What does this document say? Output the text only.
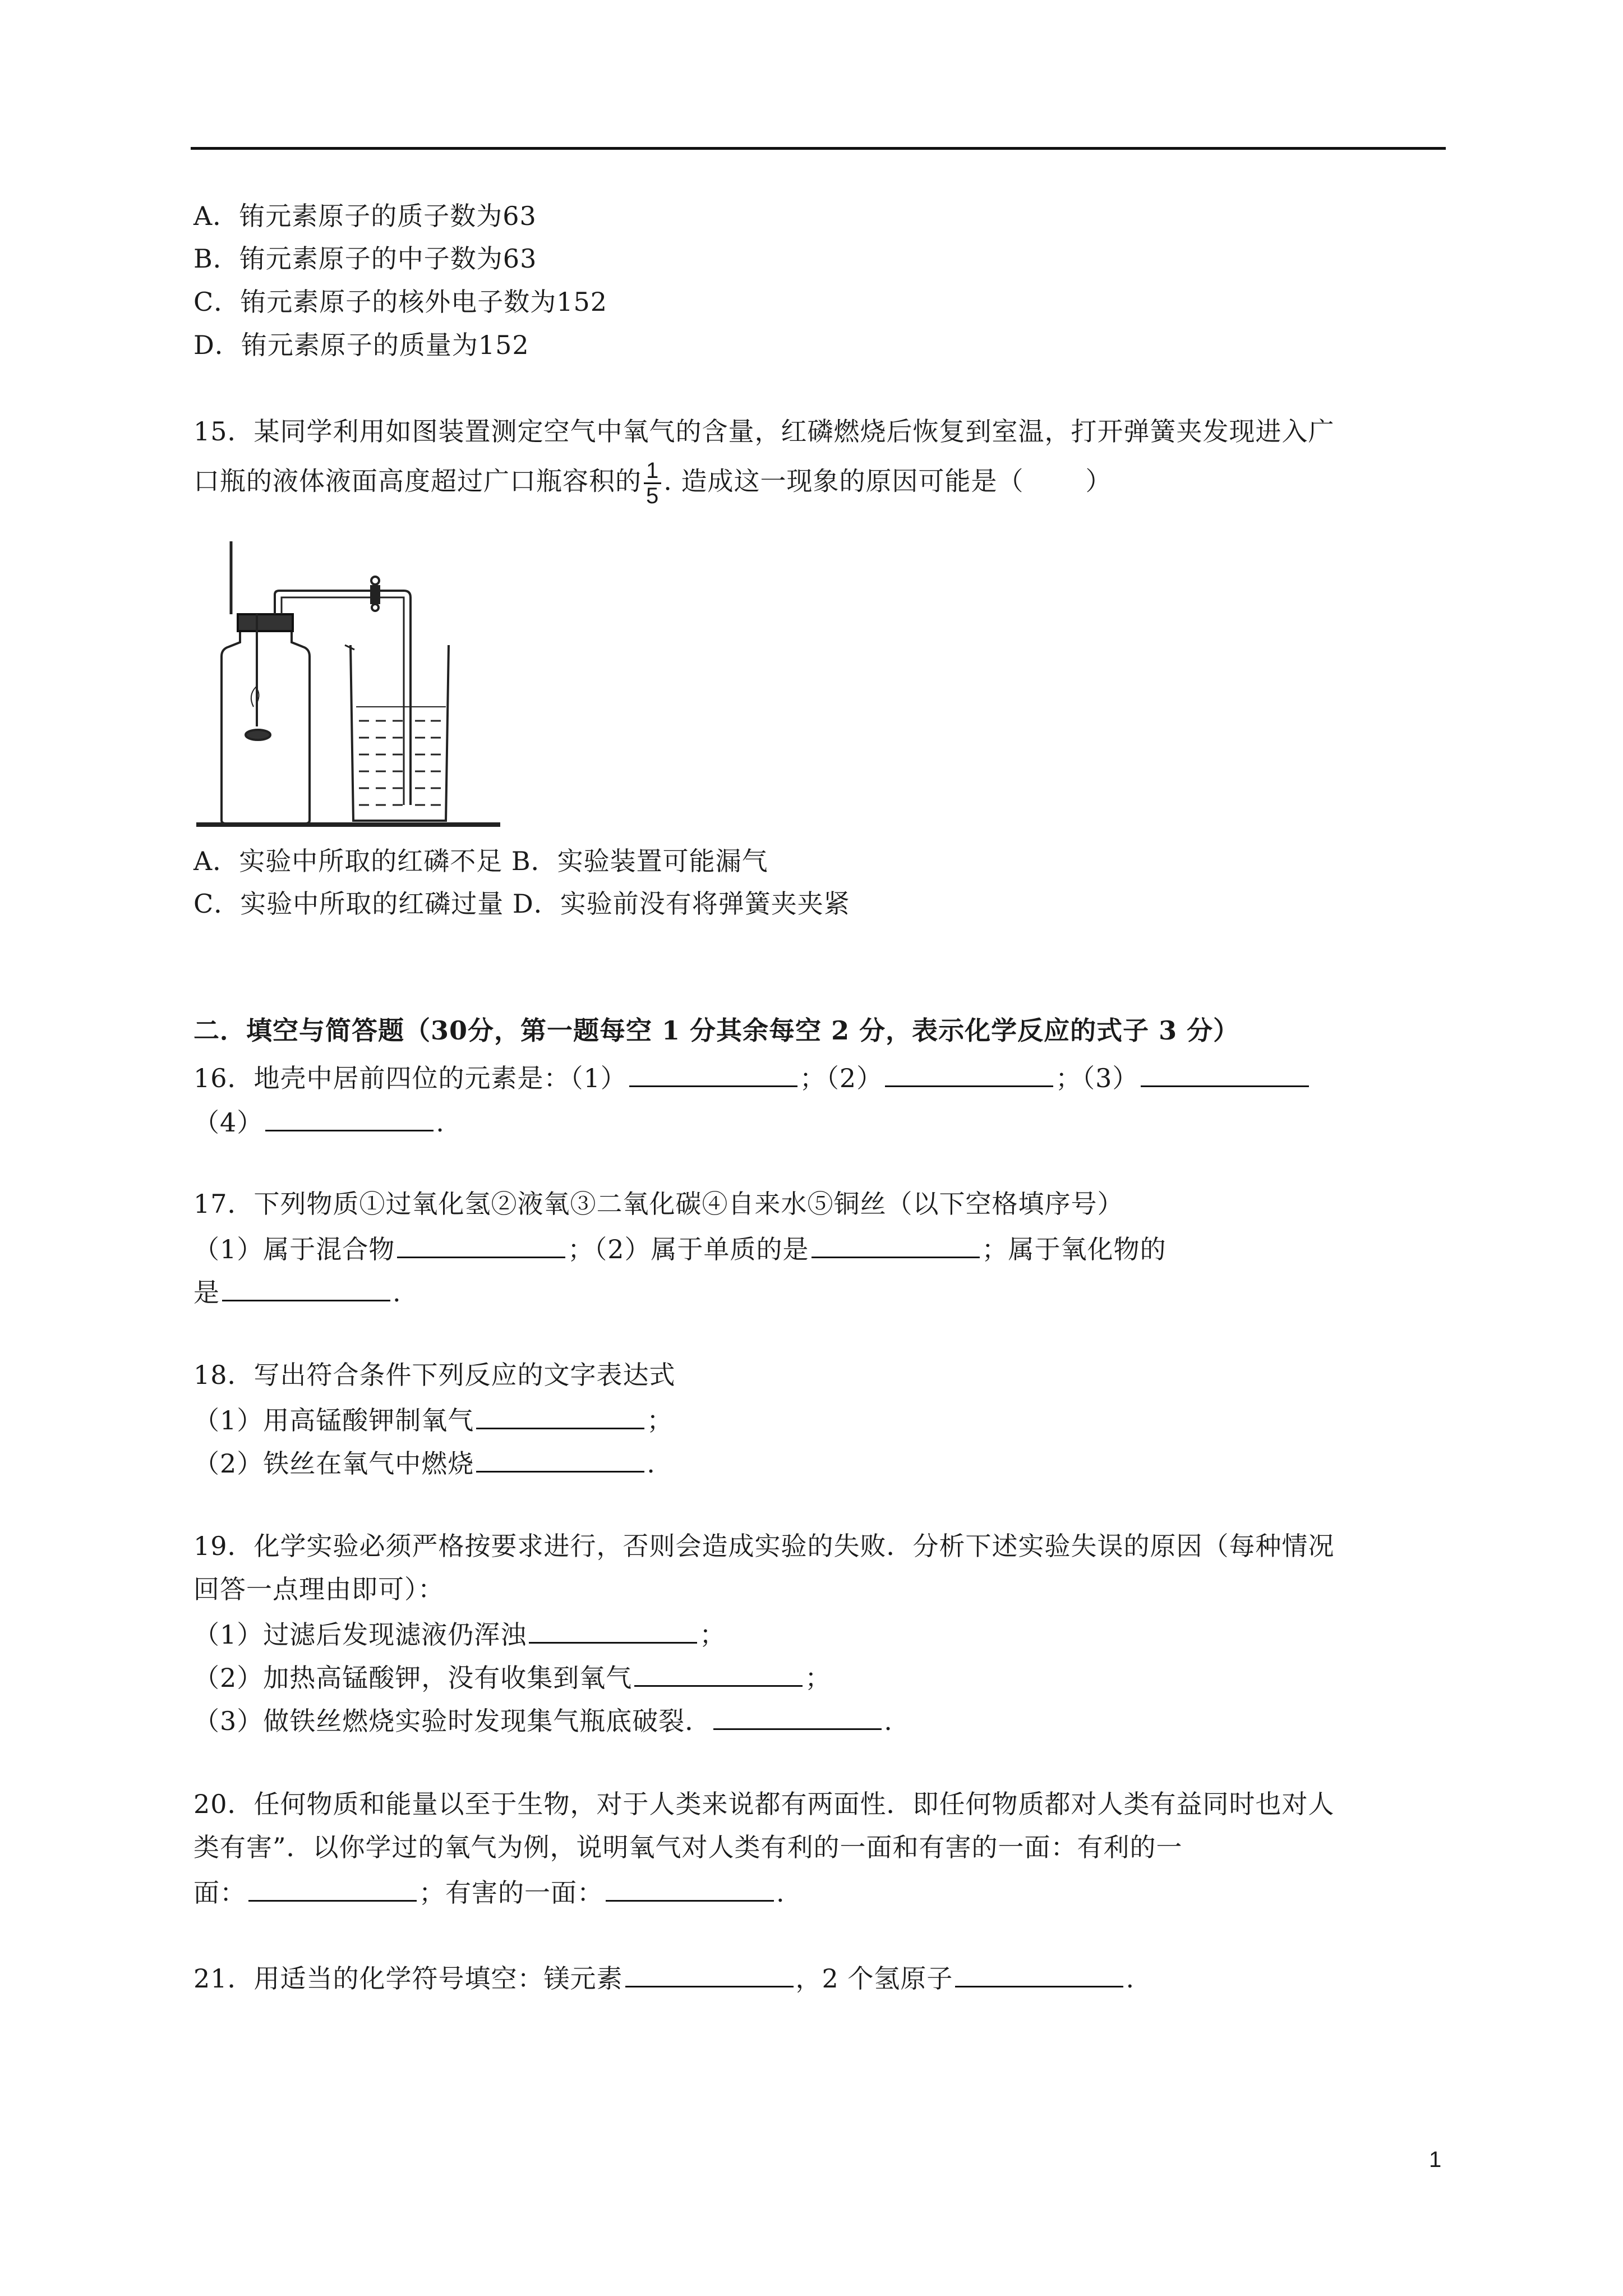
A．铕元素原子的质子数为63
B．铕元素原子的中子数为63
C．铕元素原子的核外电子数为152
D．铕元素原子的质量为152
15．某同学利用如图装置测定空气中氧气的含量，红磷燃烧后恢复到室温，打开弹簧夹发现进入广
口瓶的液体液面高度超过广口瓶容积的 $\frac{1}{5}$ . 造成这一现象的原因可能是（ ）
A．实验中所取的红磷不足 B．实验装置可能漏气
C．实验中所取的红磷过量 D．实验前没有将弹簧夹夹紧
二．填空与简答题（30分，第一题每空 1 分其余每空 2 分，表示化学反应的式子 3 分）
16．地壳中居前四位的元素是：（1）	；（2）	；（3）
（4）	.
17．下列物质①过氧化氢②液氧③二氧化碳④自来水⑤铜丝（以下空格填序号）
（1）属于混合物	；（2）属于单质的是	；属于氧化物的
是	.
18．写出符合条件下列反应的文字表达式
（1）用高锰酸钾制氧气	；
（2）铁丝在氧气中燃烧	.
19．化学实验必须严格按要求进行，否则会造成实验的失败．分析下述实验失误的原因（每种情况
回答一点理由即可）：
（1）过滤后发现滤液仍浑浊	；
（2）加热高锰酸钾，没有收集到氧气	；
（3）做铁丝燃烧实验时发现集气瓶底破裂．	.
20．任何物质和能量以至于生物，对于人类来说都有两面性．即任何物质都对人类有益同时也对人
类有害”．以你学过的氧气为例，说明氧气对人类有利的一面和有害的一面：有利的一
面：	；有害的一面：	.
21．用适当的化学符号填空：镁元素	，2 个氢原子	.
1
